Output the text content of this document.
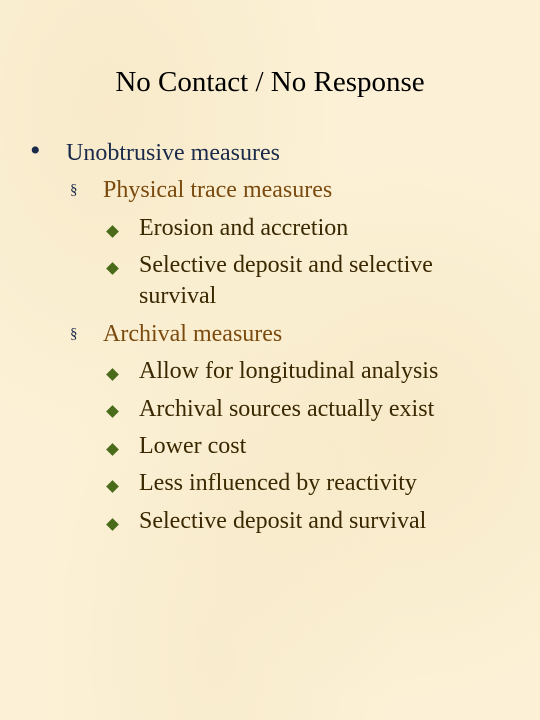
No Contact / No Response
• Unobtrusive measures
§ Physical trace measures
Erosion and accretion
Selective deposit and selective
survival
§ Archival measures
Allow for longitudinal analysis
Archival sources actually exist
Lower cost
Less influenced by reactivity
Selective deposit and survival
